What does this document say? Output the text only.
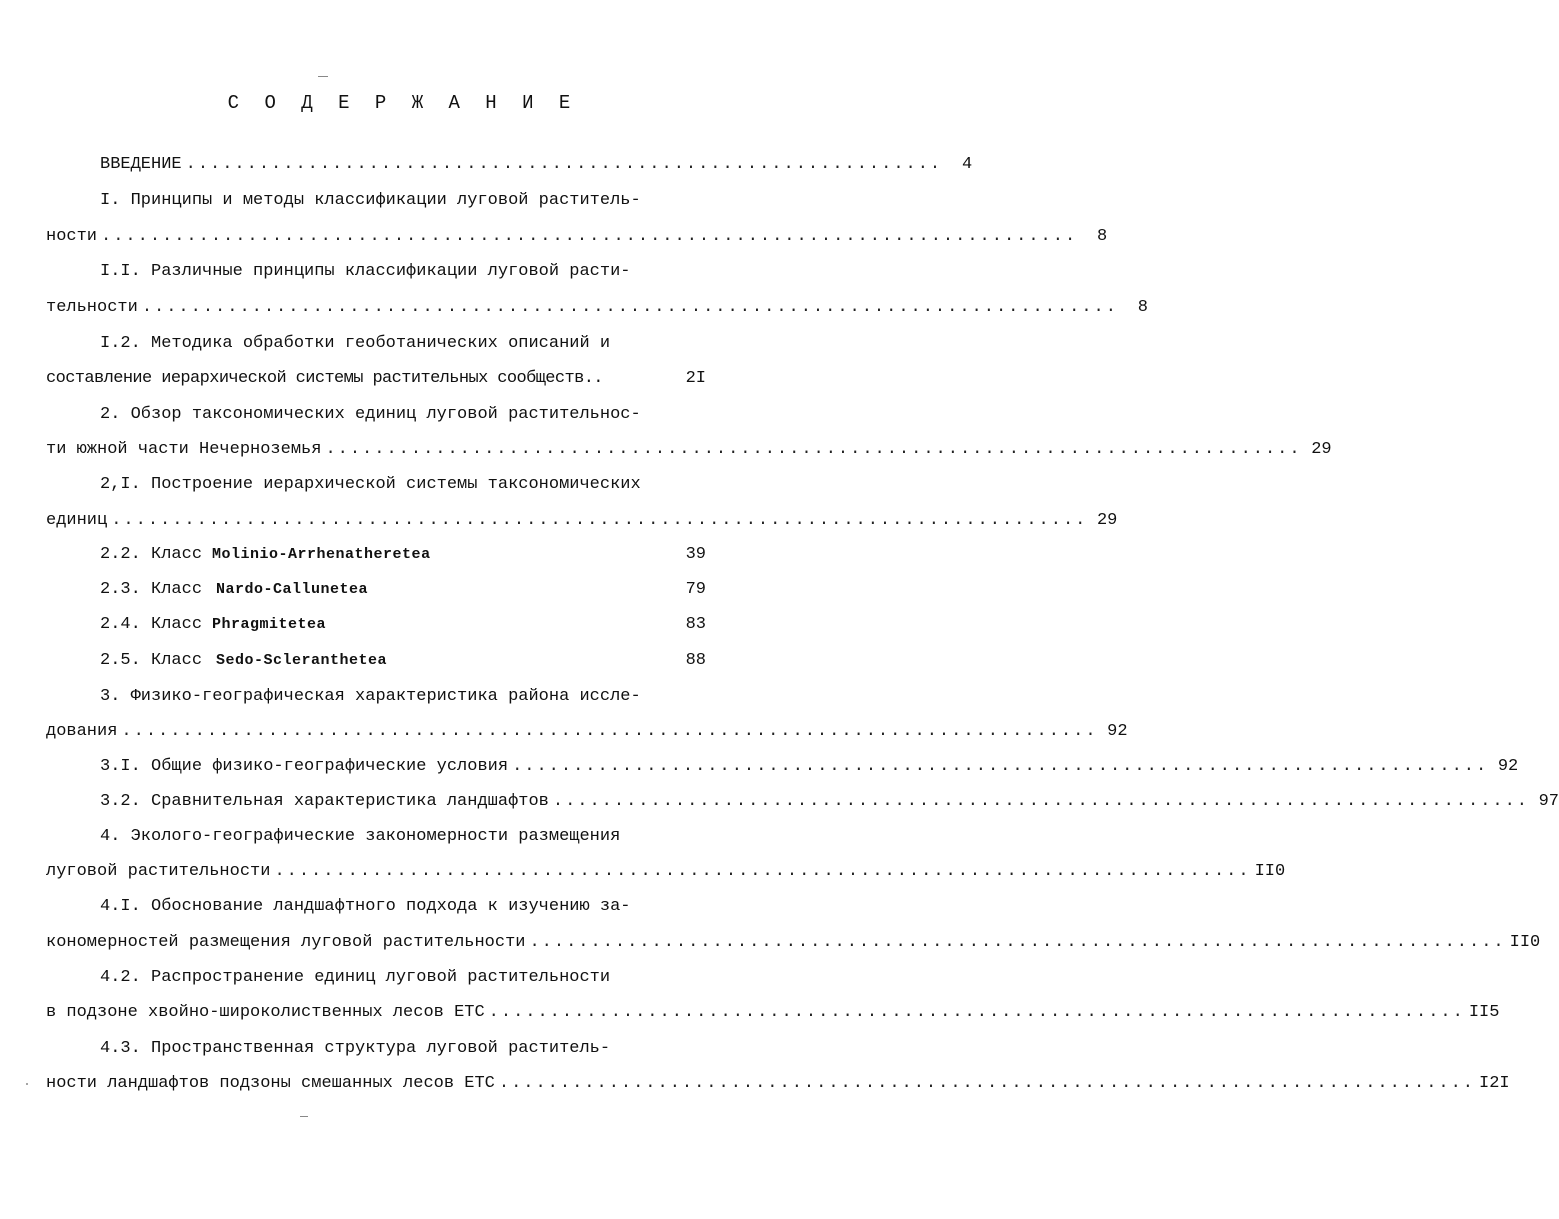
С О Д Е Р Ж А Н И Е
ВВЕДЕНИЕ ..............................................................	4
I. Принципы и методы классификации луговой раститель-
ности ................................................................................	8
I.I. Различные принципы классификации луговой расти-
тельности ................................................................................	8
I.2. Методика обработки геоботанических описаний и
составление иерархической системы растительных сообществ..	2I
2. Обзор таксономических единиц луговой растительнос-
ти южной части Нечерноземья ................................................................................ 29
2,I. Построение иерархической системы таксономических
единиц ................................................................................ 29
2.2. Класс Molinio-Arrhenatheretea	39
2.3. Класс Nardo-Callunetea	79
2.4. Класс Phragmitetea	83
2.5. Класс Sedo-Scleranthetea	88
3. Физико-географическая характеристика района иссле-
дования ................................................................................ 92
3.I. Общие физико-географические условия ................................................................................ 92
3.2. Сравнительная характеристика ландшафтов ................................................................................ 97
4. Эколого-географические закономерности размещения
луговой растительности ................................................................................ II0
4.I. Обоснование ландшафтного подхода к изучению за-
кономерностей размещения луговой растительности ................................................................................ II0
4.2. Распространение единиц луговой растительности
в подзоне хвойно-широколиственных лесов ЕТС ................................................................................ II5
4.3. Пространственная структура луговой раститель-
ности ландшафтов подзоны смешанных лесов ЕТС ................................................................................ I2I
